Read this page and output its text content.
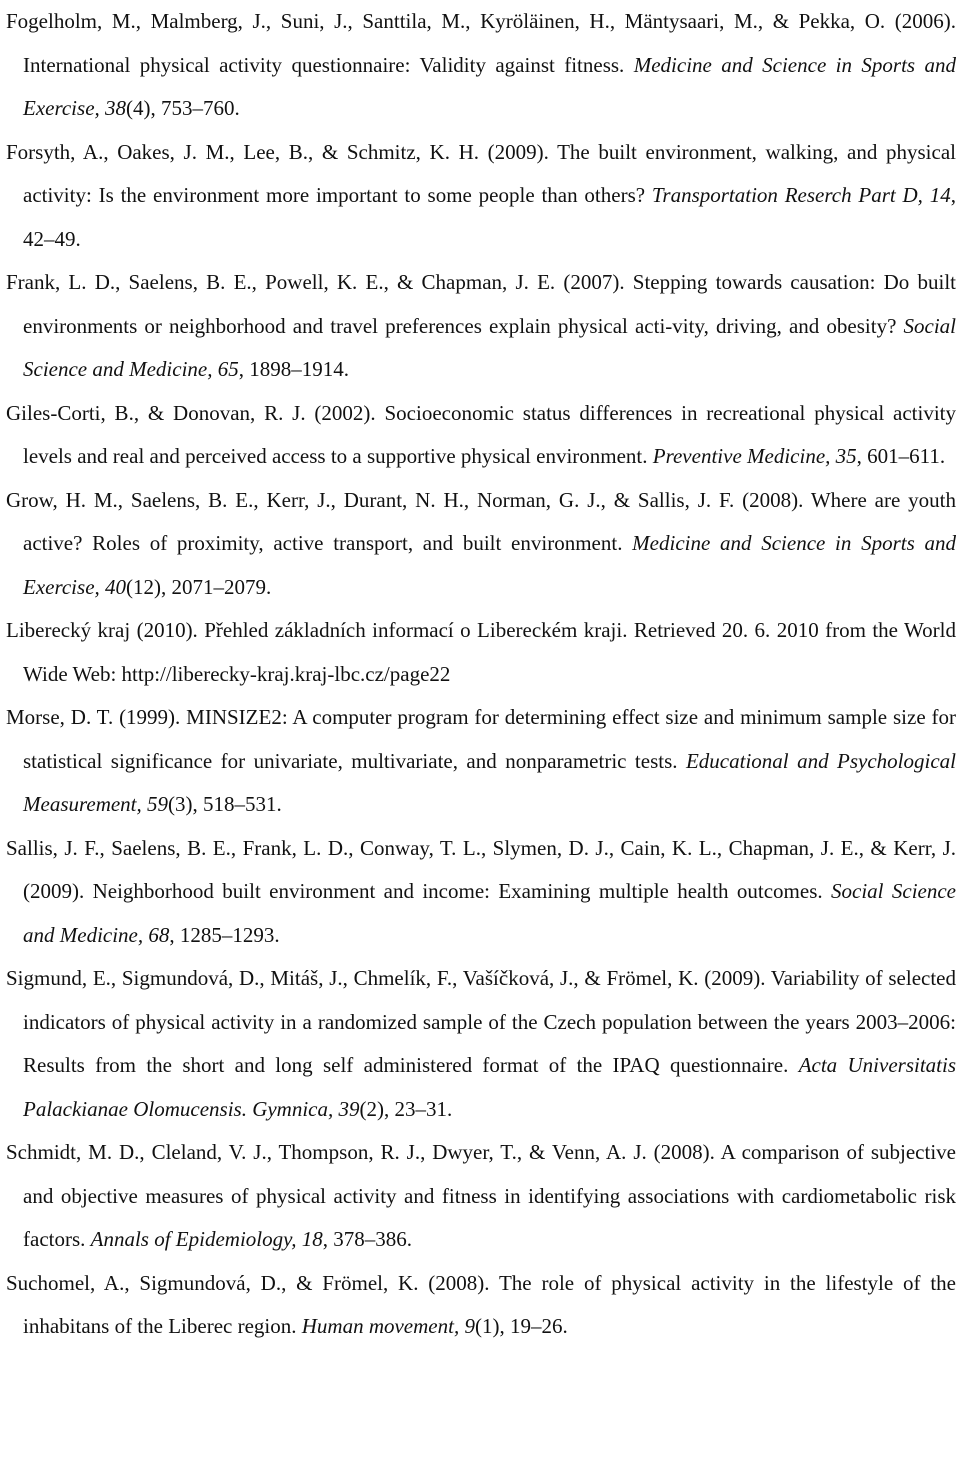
Fogelholm, M., Malmberg, J., Suni, J., Santtila, M., Kyröläinen, H., Mäntysaari, M., & Pekka, O. (2006). International physical activity questionnaire: Validity against fitness. Medicine and Science in Sports and Exercise, 38(4), 753–760.

Forsyth, A., Oakes, J. M., Lee, B., & Schmitz, K. H. (2009). The built environment, walking, and physical activity: Is the environment more important to some people than others? Transportation Reserch Part D, 14, 42–49.

Frank, L. D., Saelens, B. E., Powell, K. E., & Chapman, J. E. (2007). Stepping towards causation: Do built environments or neighborhood and travel preferences explain physical acti-vity, driving, and obesity? Social Science and Medicine, 65, 1898–1914.

Giles-Corti, B., & Donovan, R. J. (2002). Socioeconomic status differences in recreational physical activity levels and real and perceived access to a supportive physical environment. Preventive Medicine, 35, 601–611.

Grow, H. M., Saelens, B. E., Kerr, J., Durant, N. H., Norman, G. J., & Sallis, J. F. (2008). Where are youth active? Roles of proximity, active transport, and built environment. Medicine and Science in Sports and Exercise, 40(12), 2071–2079.

Liberecký kraj (2010). Přehled základních informací o Libereckém kraji. Retrieved 20. 6. 2010 from the World Wide Web: http://liberecky-kraj.kraj-lbc.cz/page22

Morse, D. T. (1999). MINSIZE2: A computer program for determining effect size and minimum sample size for statistical significance for univariate, multivariate, and nonparametric tests. Educational and Psychological Measurement, 59(3), 518–531.

Sallis, J. F., Saelens, B. E., Frank, L. D., Conway, T. L., Slymen, D. J., Cain, K. L., Chapman, J. E., & Kerr, J. (2009). Neighborhood built environment and income: Examining multiple health outcomes. Social Science and Medicine, 68, 1285–1293.

Sigmund, E., Sigmundová, D., Mitáš, J., Chmelík, F., Vašíčková, J., & Frömel, K. (2009). Variability of selected indicators of physical activity in a randomized sample of the Czech population between the years 2003–2006: Results from the short and long self administered format of the IPAQ questionnaire. Acta Universitatis Palackianae Olomucensis. Gymnica, 39(2), 23–31.

Schmidt, M. D., Cleland, V. J., Thompson, R. J., Dwyer, T., & Venn, A. J. (2008). A comparison of subjective and objective measures of physical activity and fitness in identifying associations with cardiometabolic risk factors. Annals of Epidemiology, 18, 378–386.

Suchomel, A., Sigmundová, D., & Frömel, K. (2008). The role of physical activity in the lifestyle of the inhabitans of the Liberec region. Human movement, 9(1), 19–26.
